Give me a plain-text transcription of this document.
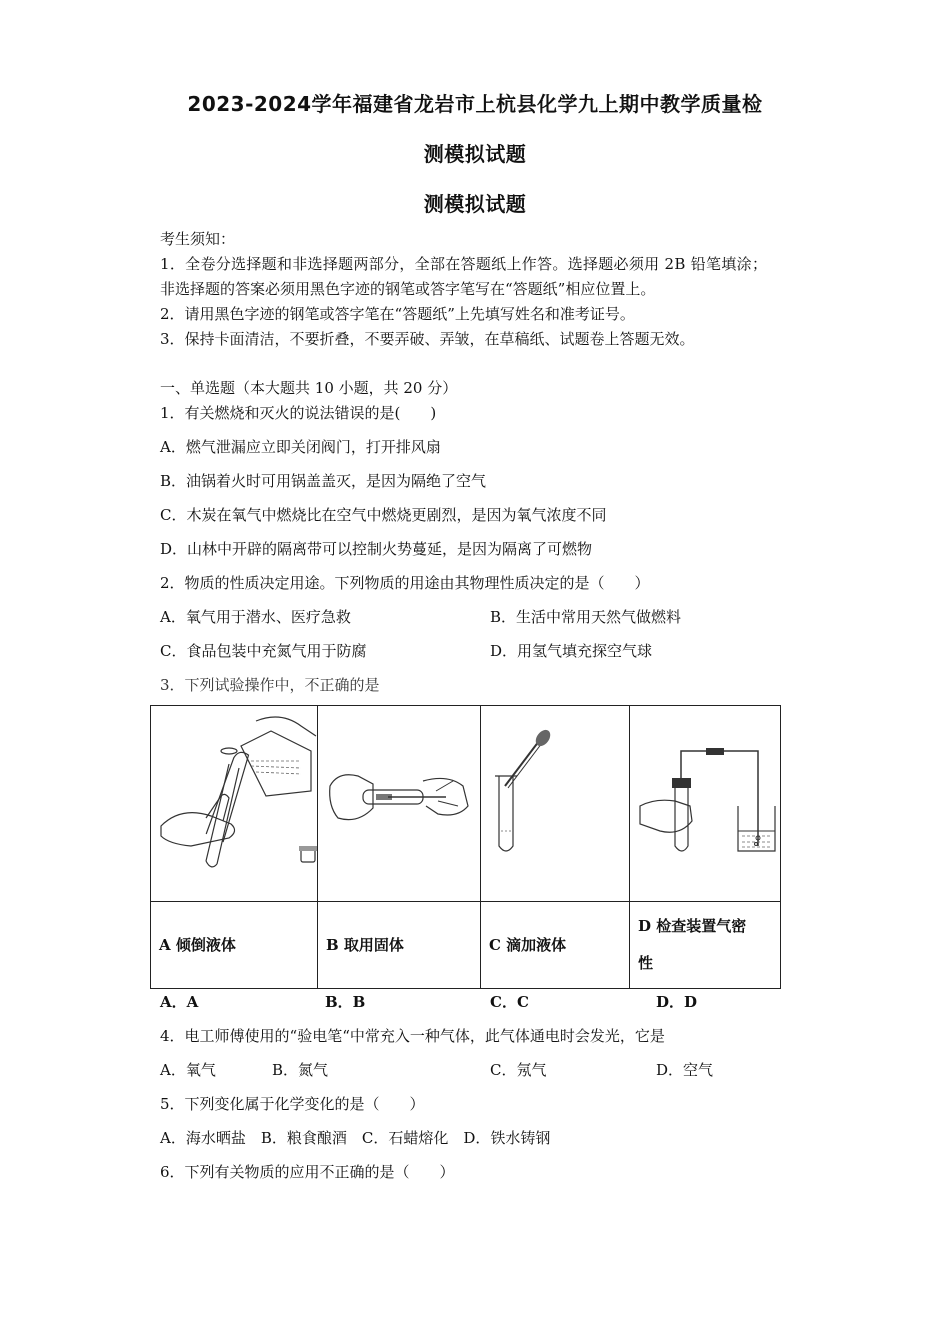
2023-2024学年福建省龙岩市上杭县化学九上期中教学质量检
测模拟试题
测模拟试题
考生须知：
1．全卷分选择题和非选择题两部分，全部在答题纸上作答。选择题必须用 2B 铅笔填涂；
非选择题的答案必须用黑色字迹的钢笔或答字笔写在“答题纸”相应位置上。
2．请用黑色字迹的钢笔或答字笔在“答题纸”上先填写姓名和准考证号。
3．保持卡面清洁，不要折叠，不要弄破、弄皱，在草稿纸、试题卷上答题无效。
一、单选题（本大题共 10 小题，共 20 分）
1．有关燃烧和灭火的说法错误的是(　　)
A．燃气泄漏应立即关闭阀门，打开排风扇
B．油锅着火时可用锅盖盖灭，是因为隔绝了空气
C．木炭在氧气中燃烧比在空气中燃烧更剧烈，是因为氧气浓度不同
D．山林中开辟的隔离带可以控制火势蔓延，是因为隔离了可燃物
2．物质的性质决定用途。下列物质的用途由其物理性质决定的是（　　）
A．氧气用于潜水、医疗急救	B．生活中常用天然气做燃料
C．食品包装中充氮气用于防腐	D．用氢气填充探空气球
3．下列试验操作中，不正确的是

A 倾倒液体	B 取用固体	C 滴加液体	D 检查装置气密
性
A．A	B．B	C．C	D．D
4．电工师傅使用的“验电笔“中常充入一种气体，此气体通电时会发光，它是
A．氧气	B．氮气	C．氖气	D．空气
5．下列变化属于化学变化的是（　　）
A．海水晒盐　B．粮食酿酒　C．石蜡熔化　D．铁水铸钢
6．下列有关物质的应用不正确的是（　　）
